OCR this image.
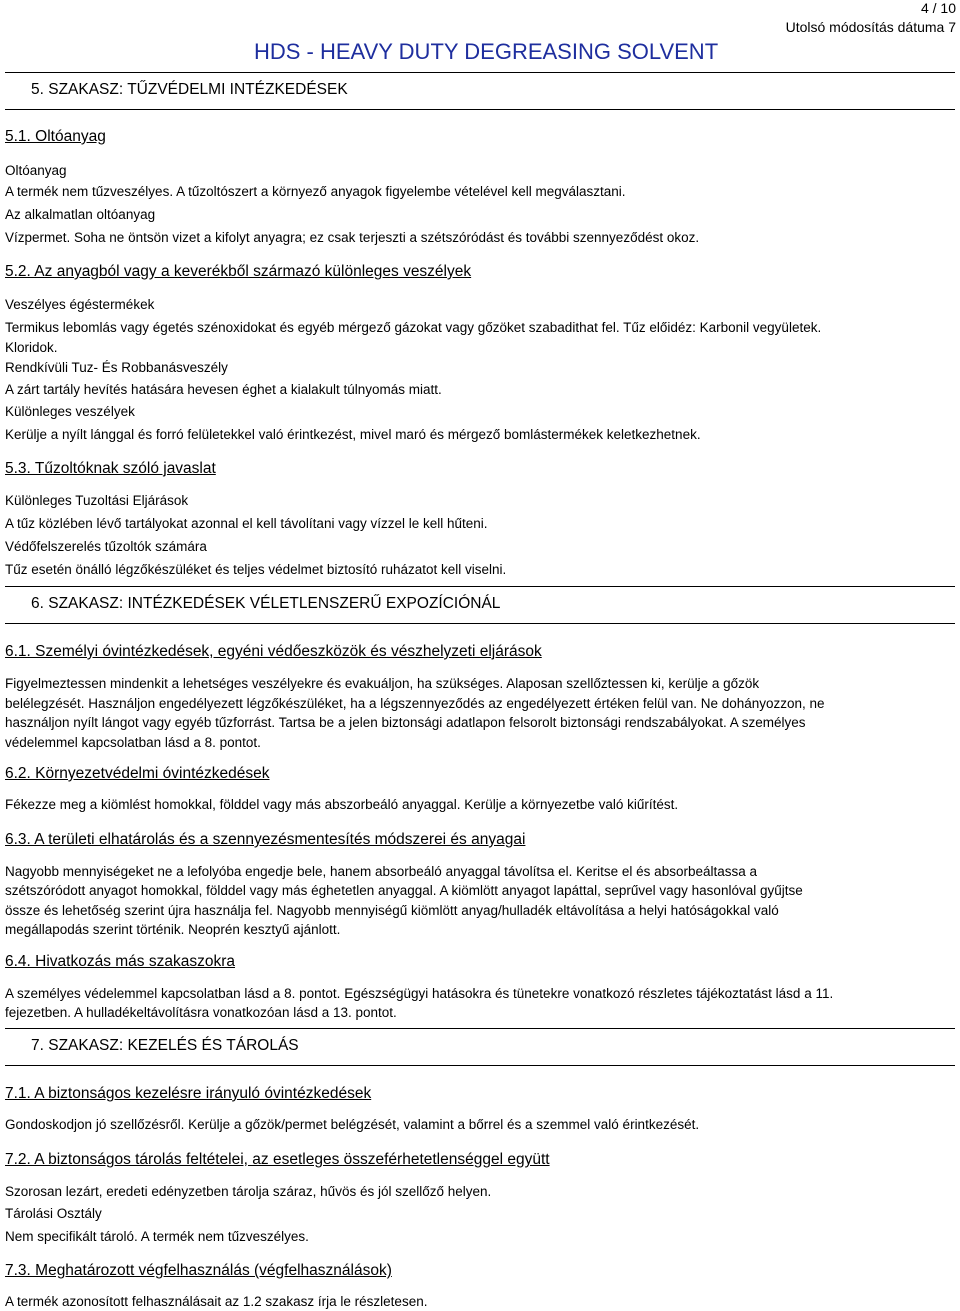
4 / 10
Utolsó módosítás dátuma 7
HDS - HEAVY DUTY DEGREASING SOLVENT
5. SZAKASZ: TŰZVÉDELMI INTÉZKEDÉSEK
5.1. Oltóanyag
Oltóanyag
A termék nem tűzveszélyes. A tűzoltószert a környező anyagok figyelembe vételével kell megválasztani.
Az alkalmatlan oltóanyag
Vízpermet. Soha ne öntsön vizet a kifolyt anyagra; ez csak terjeszti a szétszóródást és további szennyeződést okoz.
5.2. Az anyagból vagy a keverékből származó különleges veszélyek
Veszélyes égéstermékek
Termikus lebomlás vagy égetés szénoxidokat és egyéb mérgező gázokat vagy gőzöket szabadithat fel. Tűz előidéz: Karbonil vegyületek.
Kloridok.
Rendkívüli Tuz- És Robbanásveszély
A zárt tartály hevítés hatására hevesen éghet a kialakult túlnyomás miatt.
Különleges veszélyek
Kerülje a nyílt lánggal és forró felületekkel való érintkezést, mivel maró és mérgező bomlástermékek keletkezhetnek.
5.3. Tűzoltóknak szóló javaslat
Különleges Tuzoltási Eljárások
A tűz közlében lévő tartályokat azonnal el kell távolítani vagy vízzel le kell hűteni.
Védőfelszerelés tűzoltók számára
Tűz esetén önálló légzőkészüléket és teljes védelmet biztosító ruházatot kell viselni.
6. SZAKASZ: INTÉZKEDÉSEK VÉLETLENSZERŰ EXPOZÍCIÓNÁL
6.1. Személyi óvintézkedések, egyéni védőeszközök és vészhelyzeti eljárások
Figyelmeztessen mindenkit a lehetséges veszélyekre és evakuáljon, ha szükséges. Alaposan szellőztessen ki, kerülje a gőzök
belélegzését. Használjon engedélyezett légzőkészüléket, ha a légszennyeződés az engedélyezett értéken felül van. Ne dohányozzon, ne
használjon nyílt lángot vagy egyéb tűzforrást. Tartsa be a jelen biztonsági adatlapon felsorolt biztonsági rendszabályokat. A személyes
védelemmel kapcsolatban lásd a 8. pontot.
6.2. Környezetvédelmi óvintézkedések
Fékezze meg a kiömlést homokkal, földdel vagy más abszorbeáló anyaggal. Kerülje a környezetbe való kiűrítést.
6.3. A területi elhatárolás és a szennyezésmentesítés módszerei és anyagai
Nagyobb mennyiségeket ne a lefolyóba engedje bele, hanem absorbeáló anyaggal távolítsa el. Keritse el és absorbeáltassa a
szétszóródott anyagot homokkal, földdel vagy más éghetetlen anyaggal. A kiömlött anyagot lapáttal, seprűvel vagy hasonlóval gyűjtse
össze és lehetőség szerint újra használja fel. Nagyobb mennyiségű kiömlött anyag/hulladék eltávolítása a helyi hatóságokkal való
megállapodás szerint történik. Neoprén kesztyű ajánlott.
6.4. Hivatkozás más szakaszokra
A személyes védelemmel kapcsolatban lásd a 8. pontot. Egészségügyi hatásokra és tünetekre vonatkozó részletes tájékoztatást lásd a 11.
fejezetben. A hulladékeltávolításra vonatkozóan lásd a 13. pontot.
7. SZAKASZ: KEZELÉS ÉS TÁROLÁS
7.1. A biztonságos kezelésre irányuló óvintézkedések
Gondoskodjon jó szellőzésről. Kerülje a gőzök/permet belégzését, valamint a bőrrel és a szemmel való érintkezését.
7.2. A biztonságos tárolás feltételei, az esetleges összeférhetetlenséggel együtt
Szorosan lezárt, eredeti edényzetben tárolja száraz, hűvös és jól szellőző helyen.
Tárolási Osztály
Nem specifikált tároló. A termék nem tűzveszélyes.
7.3. Meghatározott végfelhasználás (végfelhasználások)
A termék azonosított felhasználásait az 1.2 szakasz írja le részletesen.
